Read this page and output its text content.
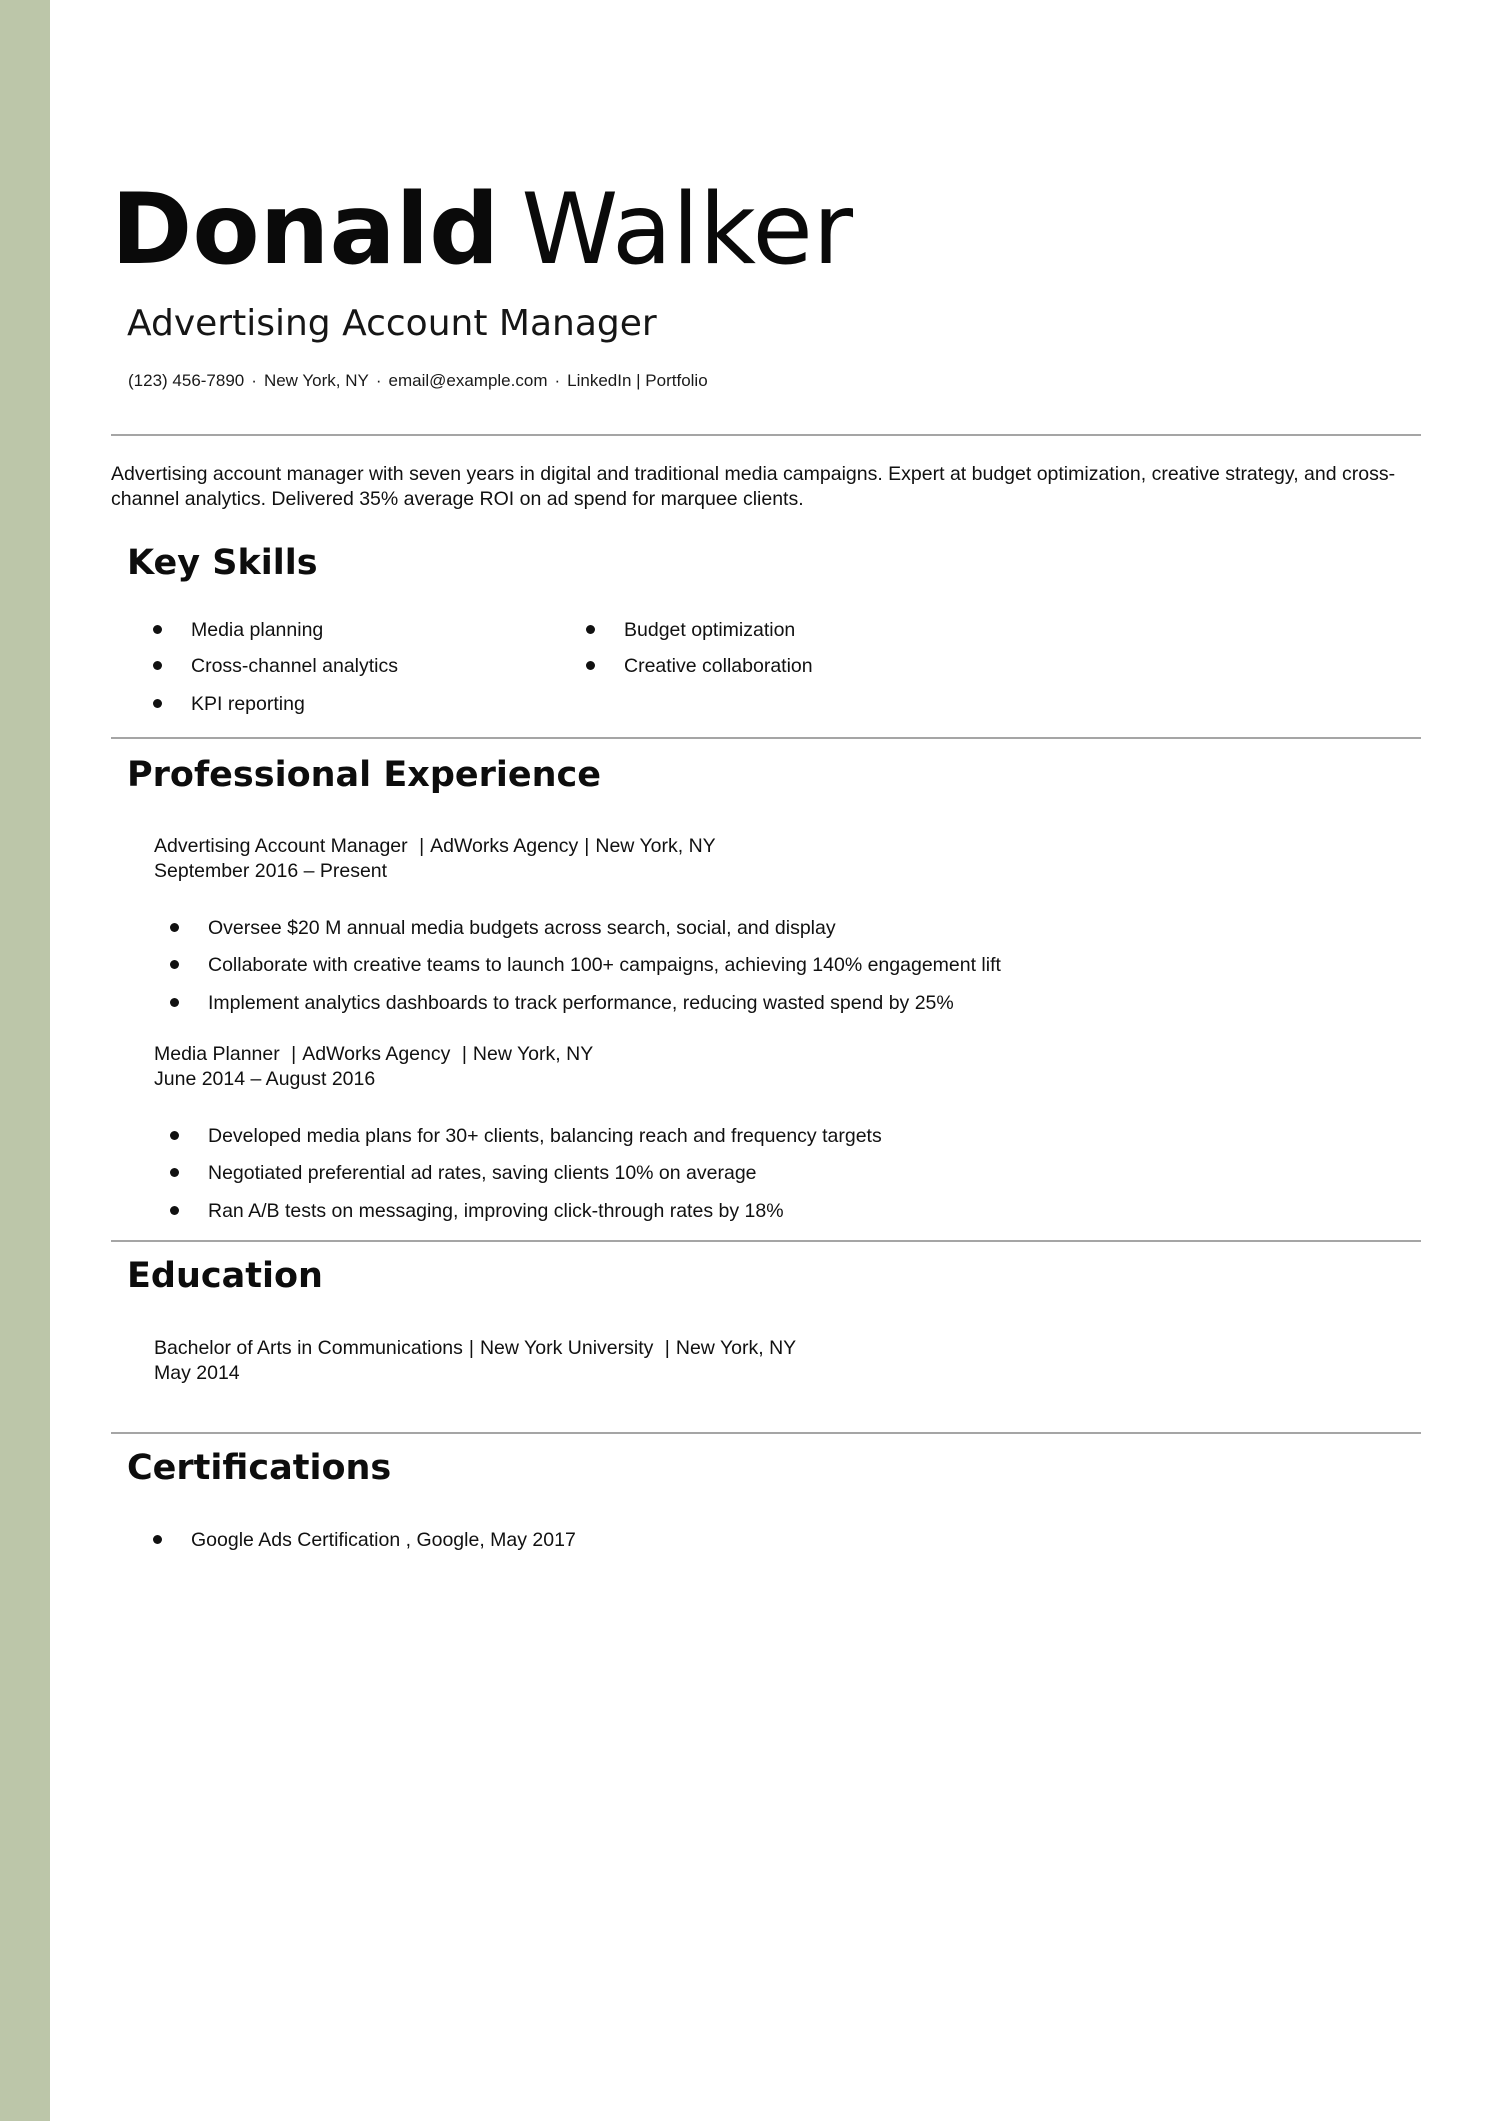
Donald Walker
Advertising Account Manager
(123) 456-7890 · New York, NY · email@example.com · LinkedIn | Portfolio
Advertising account manager with seven years in digital and traditional media campaigns. Expert at budget optimization, creative strategy, and cross-channel analytics. Delivered 35% average ROI on ad spend for marquee clients.
Key Skills
Media planning	Budget optimization
Cross-channel analytics	Creative collaboration
KPI reporting
Professional Experience
Advertising Account Manager | AdWorks Agency | New York, NY
September 2016 – Present
Oversee $20 M annual media budgets across search, social, and display
Collaborate with creative teams to launch 100+ campaigns, achieving 140% engagement lift
Implement analytics dashboards to track performance, reducing wasted spend by 25%
Media Planner | AdWorks Agency | New York, NY
June 2014 – August 2016
Developed media plans for 30+ clients, balancing reach and frequency targets
Negotiated preferential ad rates, saving clients 10% on average
Ran A/B tests on messaging, improving click-through rates by 18%
Education
Bachelor of Arts in Communications | New York University | New York, NY
May 2014
Certifications
Google Ads Certification , Google, May 2017
